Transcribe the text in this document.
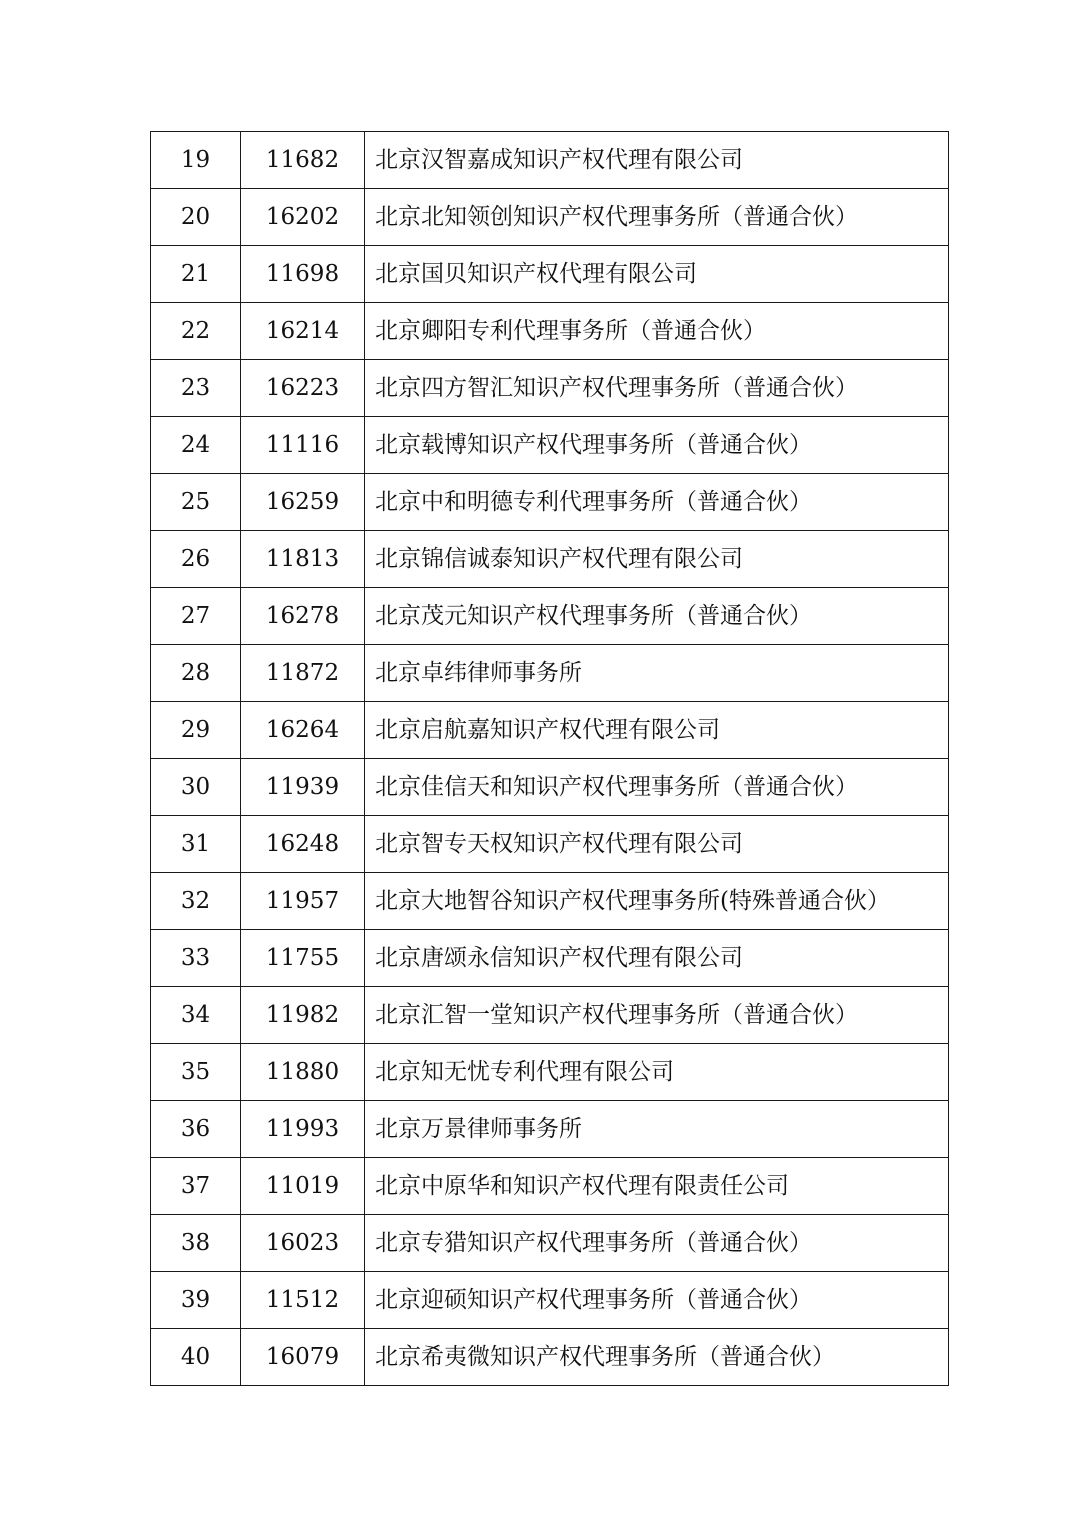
19	11682	北京汉智嘉成知识产权代理有限公司
20	16202	北京北知领创知识产权代理事务所（普通合伙）
21	11698	北京国贝知识产权代理有限公司
22	16214	北京卿阳专利代理事务所（普通合伙）
23	16223	北京四方智汇知识产权代理事务所（普通合伙）
24	11116	北京载博知识产权代理事务所（普通合伙）
25	16259	北京中和明德专利代理事务所（普通合伙）
26	11813	北京锦信诚泰知识产权代理有限公司
27	16278	北京茂元知识产权代理事务所（普通合伙）
28	11872	北京卓纬律师事务所
29	16264	北京启航嘉知识产权代理有限公司
30	11939	北京佳信天和知识产权代理事务所（普通合伙）
31	16248	北京智专天权知识产权代理有限公司
32	11957	北京大地智谷知识产权代理事务所(特殊普通合伙）
33	11755	北京唐颂永信知识产权代理有限公司
34	11982	北京汇智一堂知识产权代理事务所（普通合伙）
35	11880	北京知无忧专利代理有限公司
36	11993	北京万景律师事务所
37	11019	北京中原华和知识产权代理有限责任公司
38	16023	北京专猎知识产权代理事务所（普通合伙）
39	11512	北京迎硕知识产权代理事务所（普通合伙）
40	16079	北京希夷微知识产权代理事务所（普通合伙）
